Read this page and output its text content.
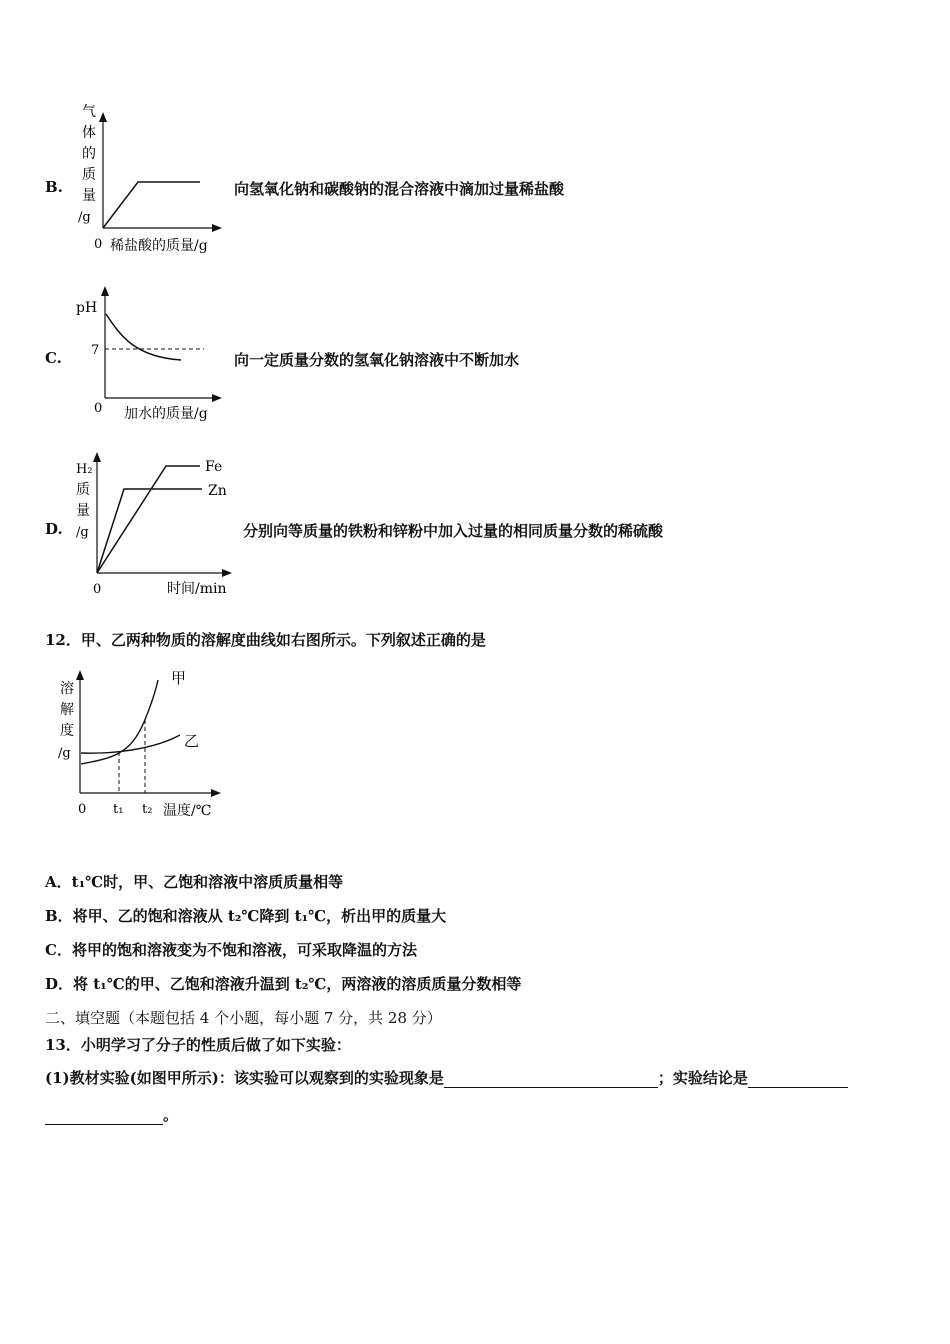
B.
气
体
的
质
量
/g
0 稀盐酸的质量/g
向氢氧化钠和碳酸钠的混合溶液中滴加过量稀盐酸
C.
pH
7
0 加水的质量/g
向一定质量分数的氢氧化钠溶液中不断加水
D.
H₂
质
量
/g
0	时间/min
Fe
Zn
分别向等质量的铁粉和锌粉中加入过量的相同质量分数的稀硫酸
12．甲、乙两种物质的溶解度曲线如右图所示。下列叙述正确的是
溶
解
度
/g
0 t₁ t₂ 温度/℃
甲
乙
A．t₁℃时，甲、乙饱和溶液中溶质质量相等
B．将甲、乙的饱和溶液从 t₂℃降到 t₁℃，析出甲的质量大
C．将甲的饱和溶液变为不饱和溶液，可采取降温的方法
D．将 t₁℃的甲、乙饱和溶液升温到 t₂℃，两溶液的溶质质量分数相等
二、填空题（本题包括 4 个小题，每小题 7 分，共 28 分）
13．小明学习了分子的性质后做了如下实验：
(1)教材实验(如图甲所示)：该实验可以观察到的实验现象是	；实验结论是
。
